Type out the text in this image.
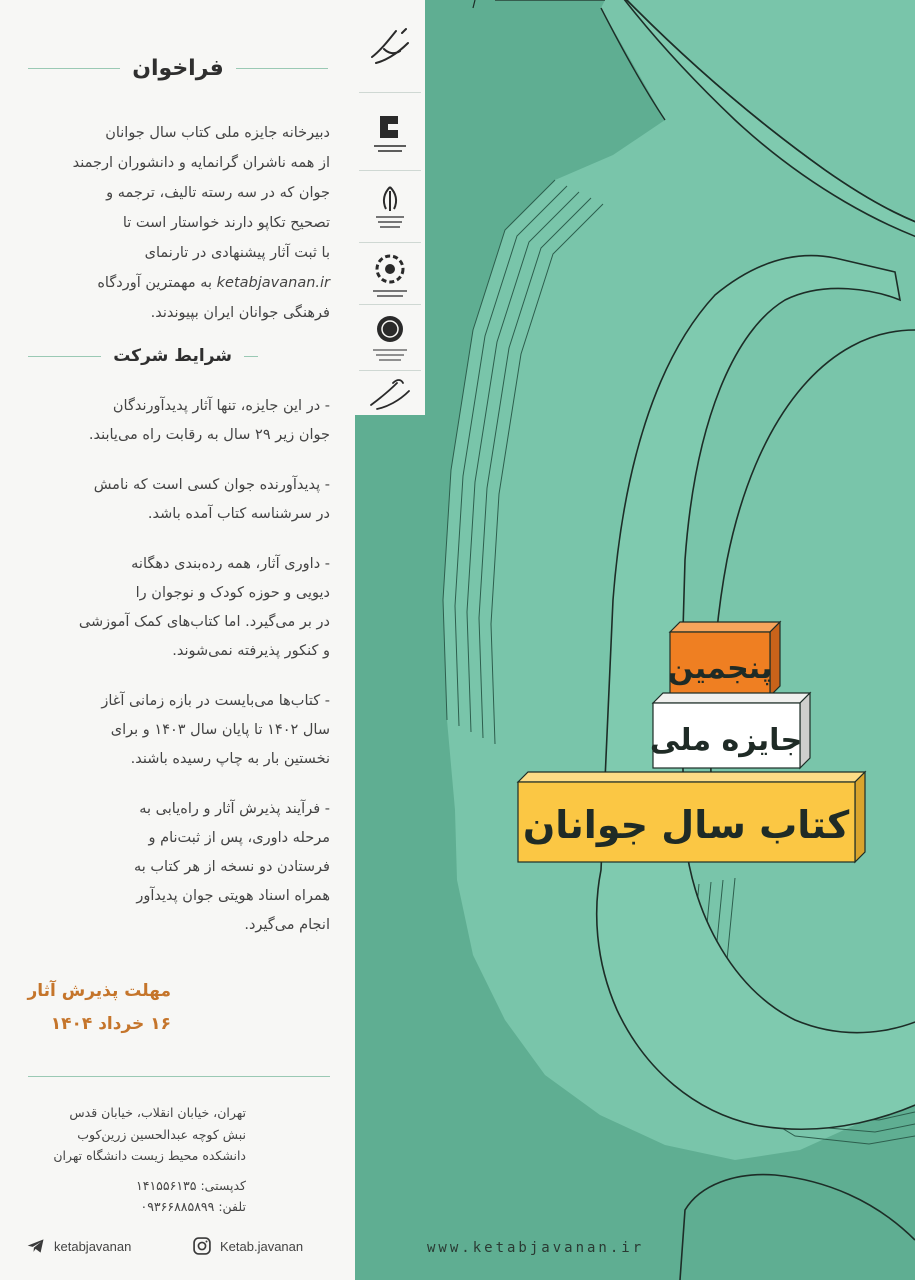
فراخوان
دبیرخانه جایزه ملی کتاب سال جوانان
از همه ناشران گرانمایه و دانشوران ارجمند
جوان که در سه رسته تالیف، ترجمه و
تصحیح تکاپو دارند خواستار است تا
با ثبت آثار پیشنهادی در تارنمای
ketabjavanan.ir به مهمترین آوردگاه
فرهنگی جوانان ایران بپیوندند.
شرایط شرکت
- در این جایزه، تنها آثار پدیدآورندگان
جوان زیر ۲۹ سال به رقابت راه می‌یابند.
- پدیدآورنده جوان کسی است که نامش
در سرشناسه کتاب آمده باشد.
- داوری آثار، همه رده‌بندی دهگانه
دیویی و حوزه کودک و نوجوان را
در بر می‌گیرد. اما کتاب‌های کمک آموزشی
و کنکور پذیرفته نمی‌شوند.
- کتاب‌ها می‌بایست در بازه زمانی آغاز
سال ۱۴۰۲ تا پایان سال ۱۴۰۳ و برای
نخستین بار به چاپ رسیده باشند.
- فرآیند پذیرش آثار و راه‌یابی به
مرحله داوری، پس از ثبت‌نام و
فرستادن دو نسخه از هر کتاب به
همراه اسناد هویتی جوان پدیدآور
انجام می‌گیرد.
مهلت پذیرش آثار
۱۶ خرداد ۱۴۰۴
تهران، خیابان انقلاب، خیابان قدس
نبش کوچه عبدالحسین زرین‌کوب
دانشکده محیط زیست دانشگاه تهران
کدپستی: ۱۴۱۵۵۶۱۳۵
تلفن: ۰۹۳۶۶۸۸۵۸۹۹
ketabjavanan	Ketab.javanan
پنجمین
جایزه ملی
کتاب سال جوانان
www.ketabjavanan.ir
